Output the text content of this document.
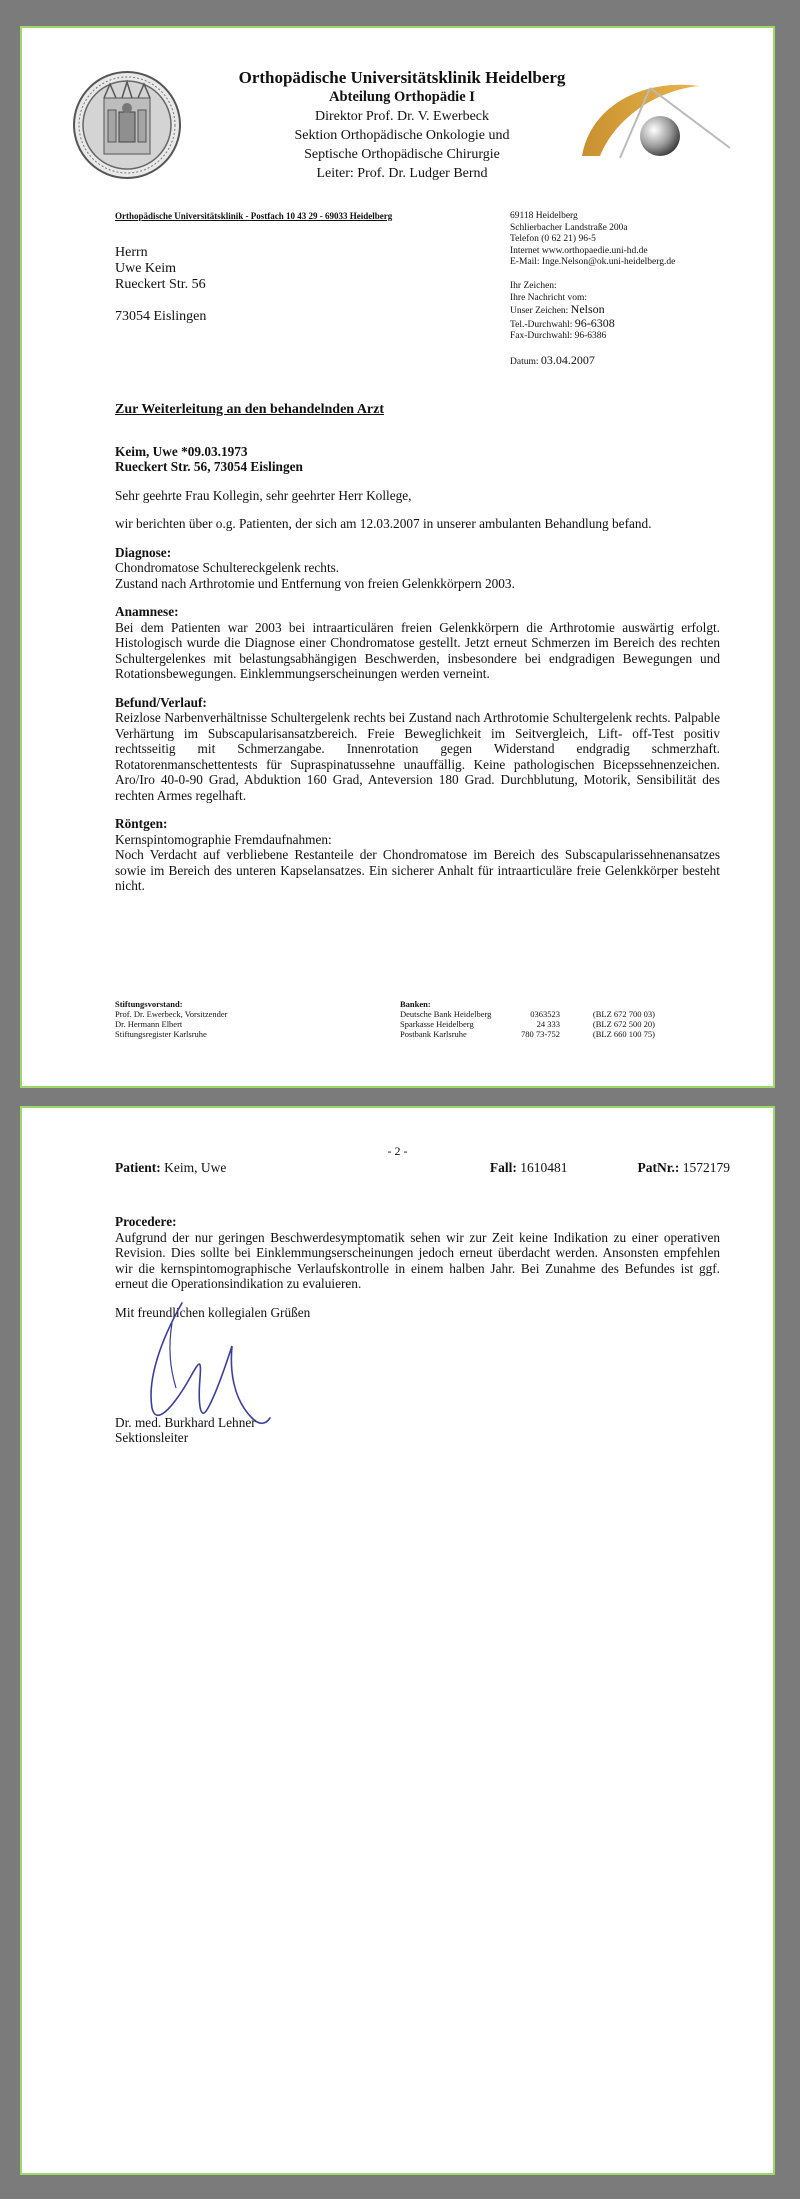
Orthopädische Universitätsklinik Heidelberg
Abteilung Orthopädie I
Direktor Prof. Dr. V. Ewerbeck
Sektion Orthopädische Onkologie und
Septische Orthopädische Chirurgie
Leiter: Prof. Dr. Ludger Bernd
Orthopädische Universitätsklinik - Postfach 10 43 29 - 69033 Heidelberg
Herrn
Uwe Keim
Rueckert Str. 56
73054 Eislingen
69118 Heidelberg
Schlierbacher Landstraße 200a
Telefon (0 62 21) 96-5
Internet www.orthopaedie.uni-hd.de
E-Mail: Inge.Nelson@ok.uni-heidelberg.de
Ihr Zeichen:
Ihre Nachricht vom:
Unser Zeichen: Nelson
Tel.-Durchwahl: 96-6308
Fax-Durchwahl: 96-6386
Datum: 03.04.2007

Zur Weiterleitung an den behandelnden Arzt

Keim, Uwe *09.03.1973

Rueckert Str. 56, 73054 Eislingen

Sehr geehrte Frau Kollegin, sehr geehrter Herr Kollege,

wir berichten über o.g. Patienten, der sich am 12.03.2007 in unserer ambulanten Behandlung befand.

Diagnose:

Chondromatose Schultereckgelenk rechts.

Zustand nach Arthrotomie und Entfernung von freien Gelenkkörpern 2003.

Anamnese:

Bei dem Patienten war 2003 bei intraarticulären freien Gelenkkörpern die Arthrotomie auswärtig erfolgt. Histologisch wurde die Diagnose einer Chondromatose gestellt. Jetzt erneut Schmerzen im Bereich des rechten Schultergelenkes mit belastungsabhängigen Beschwerden, insbesondere bei endgradigen Bewegungen und Rotationsbewegungen. Einklemmungserscheinungen werden verneint.

Befund/Verlauf:

Reizlose Narbenverhältnisse Schultergelenk rechts bei Zustand nach Arthrotomie Schultergelenk rechts. Palpable Verhärtung im Subscapularisansatzbereich. Freie Beweglichkeit im Seitvergleich, Lift- off-Test positiv rechtsseitig mit Schmerzangabe. Innenrotation gegen Widerstand endgradig schmerzhaft. Rotatorenmanschettentests für Supraspinatussehne unauffällig. Keine pathologischen Bicepssehnenzeichen. Aro/Iro 40-0-90 Grad, Abduktion 160 Grad, Anteversion 180 Grad. Durchblutung, Motorik, Sensibilität des rechten Armes regelhaft.

Röntgen:

Kernspintomographie Fremdaufnahmen:

Noch Verdacht auf verbliebene Restanteile der Chondromatose im Bereich des Subscapularissehnenansatzes sowie im Bereich des unteren Kapselansatzes. Ein sicherer Anhalt für intraarticuläre freie Gelenkkörper besteht nicht.

Stiftungsvorstand:
Prof. Dr. Ewerbeck, Vorsitzender
Dr. Hermann Elbert
Stiftungsregister Karlsruhe
Banken:
Deutsche Bank Heidelberg	0363523	(BLZ 672 700 03)
Sparkasse Heidelberg	24 333	(BLZ 672 500 20)
Postbank Karlsruhe	780 73-752	(BLZ 660 100 75)
- 2 -
Patient: Keim, Uwe	Fall: 1610481	PatNr.: 1572179

Procedere:

Aufgrund der nur geringen Beschwerdesymptomatik sehen wir zur Zeit keine Indikation zu einer operativen Revision. Dies sollte bei Einklemmungserscheinungen jedoch erneut überdacht werden. Ansonsten empfehlen wir die kernspintomographische Verlaufskontrolle in einem halben Jahr. Bei Zunahme des Befundes ist ggf. erneut die Operationsindikation zu evaluieren.

Mit freundlichen kollegialen Grüßen

Dr. med. Burkhard Lehner
Sektionsleiter
